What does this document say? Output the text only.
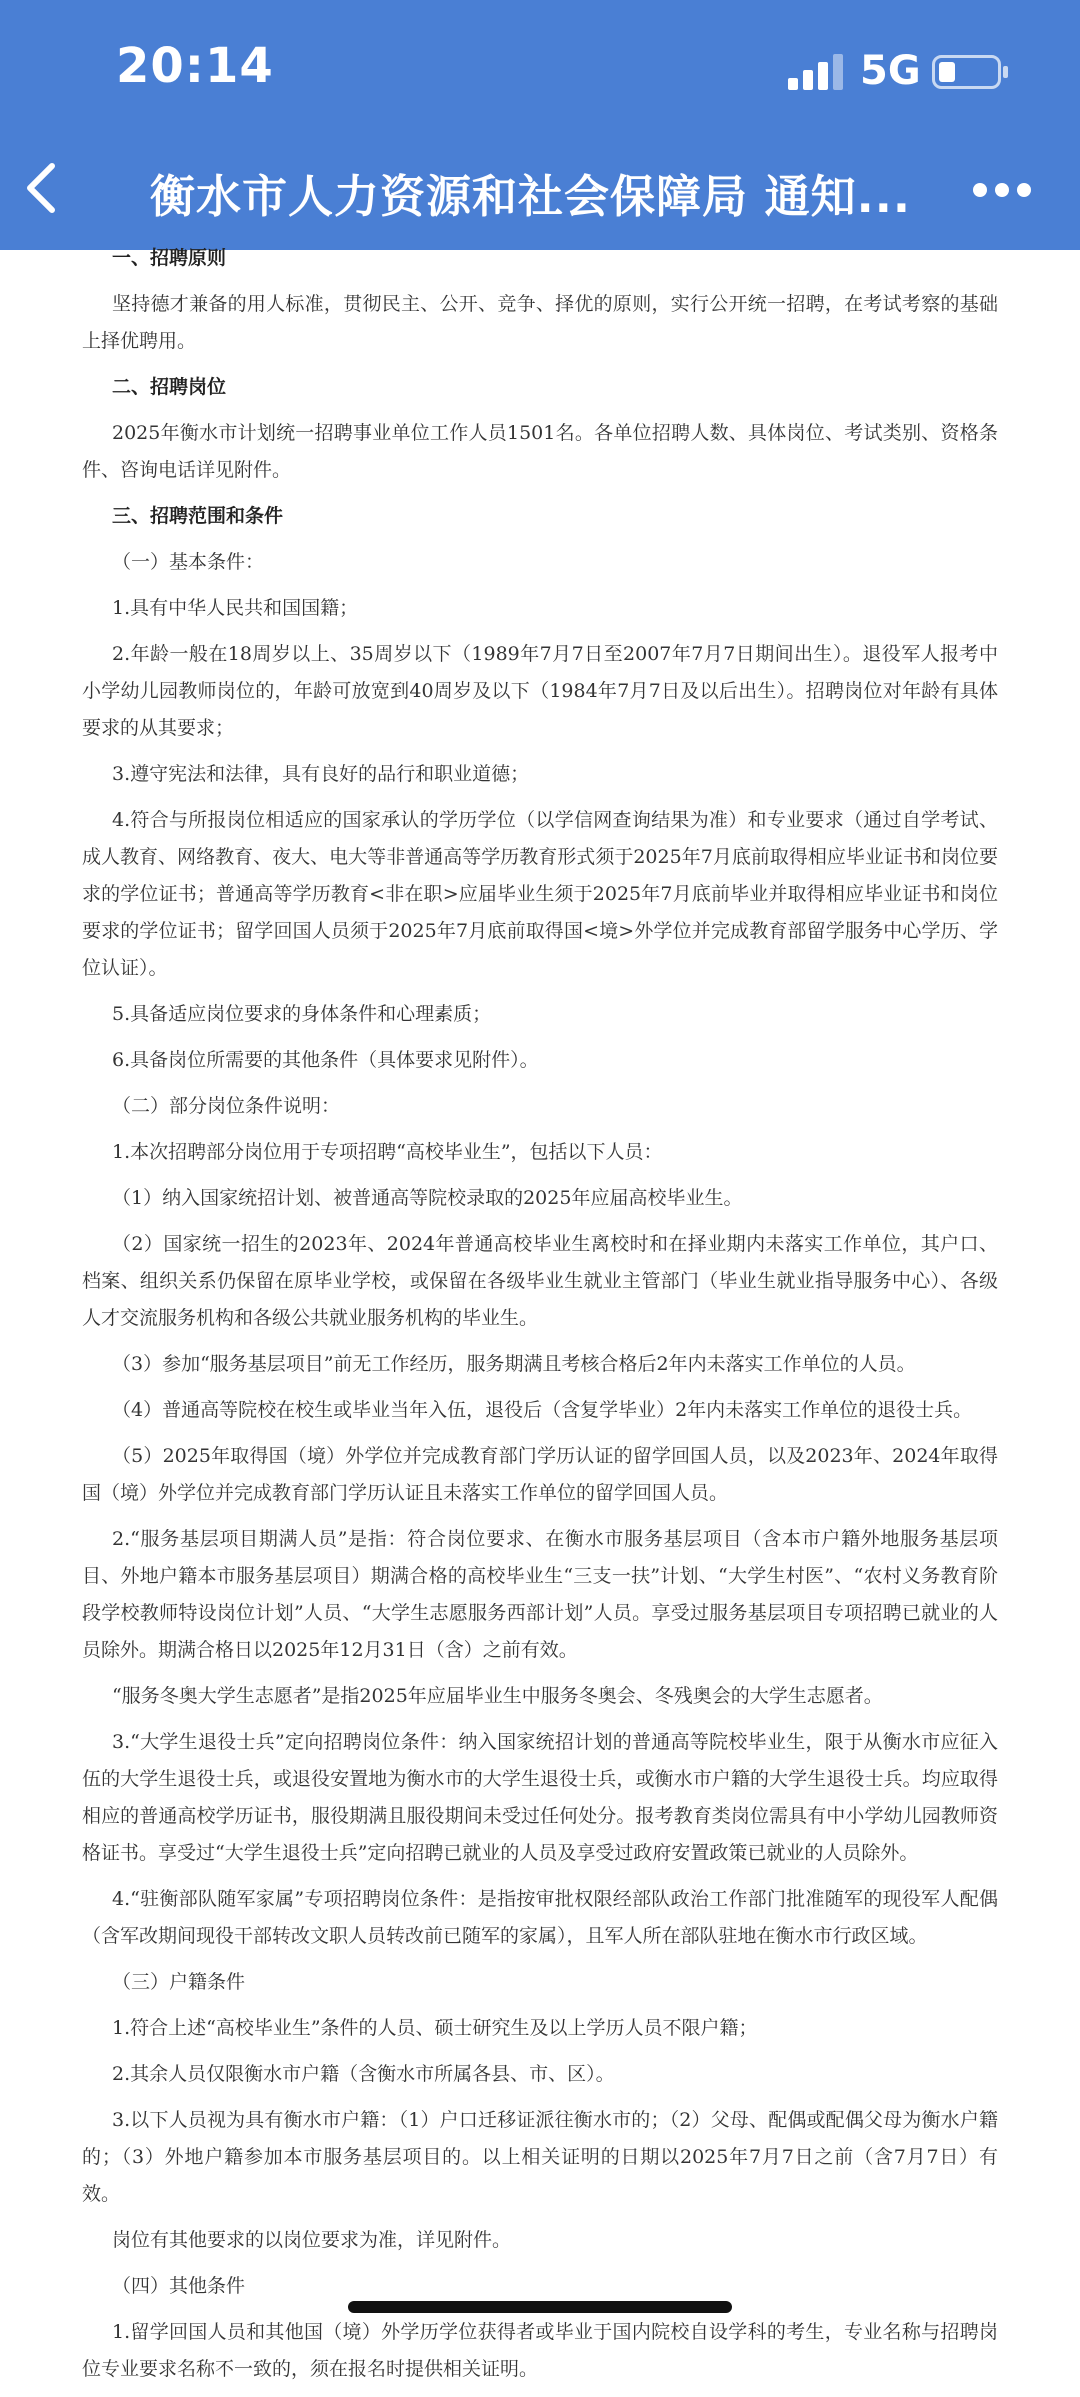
20:14	5G
衡水市人力资源和社会保障局 通知...

一、招聘原则

坚持德才兼备的用人标准，贯彻民主、公开、竞争、择优的原则，实行公开统一招聘，在考试考察的基础上择优聘用。

二、招聘岗位

2025年衡水市计划统一招聘事业单位工作人员1501名。各单位招聘人数、具体岗位、考试类别、资格条件、咨询电话详见附件。

三、招聘范围和条件

（一）基本条件：

1.具有中华人民共和国国籍；

2.年龄一般在18周岁以上、35周岁以下（1989年7月7日至2007年7月7日期间出生）。退役军人报考中小学幼儿园教师岗位的，年龄可放宽到40周岁及以下（1984年7月7日及以后出生）。招聘岗位对年龄有具体要求的从其要求；

3.遵守宪法和法律，具有良好的品行和职业道德；

4.符合与所报岗位相适应的国家承认的学历学位（以学信网查询结果为准）和专业要求（通过自学考试、成人教育、网络教育、夜大、电大等非普通高等学历教育形式须于2025年7月底前取得相应毕业证书和岗位要求的学位证书；普通高等学历教育<非在职>应届毕业生须于2025年7月底前毕业并取得相应毕业证书和岗位要求的学位证书；留学回国人员须于2025年7月底前取得国<境>外学位并完成教育部留学服务中心学历、学位认证）。

5.具备适应岗位要求的身体条件和心理素质；

6.具备岗位所需要的其他条件（具体要求见附件）。

（二）部分岗位条件说明：

1.本次招聘部分岗位用于专项招聘“高校毕业生”，包括以下人员：

（1）纳入国家统招计划、被普通高等院校录取的2025年应届高校毕业生。

（2）国家统一招生的2023年、2024年普通高校毕业生离校时和在择业期内未落实工作单位，其户口、档案、组织关系仍保留在原毕业学校，或保留在各级毕业生就业主管部门（毕业生就业指导服务中心）、各级人才交流服务机构和各级公共就业服务机构的毕业生。

（3）参加“服务基层项目”前无工作经历，服务期满且考核合格后2年内未落实工作单位的人员。

（4）普通高等院校在校生或毕业当年入伍，退役后（含复学毕业）2年内未落实工作单位的退役士兵。

（5）2025年取得国（境）外学位并完成教育部门学历认证的留学回国人员，以及2023年、2024年取得国（境）外学位并完成教育部门学历认证且未落实工作单位的留学回国人员。

2.“服务基层项目期满人员”是指：符合岗位要求、在衡水市服务基层项目（含本市户籍外地服务基层项目、外地户籍本市服务基层项目）期满合格的高校毕业生“三支一扶”计划、“大学生村医”、“农村义务教育阶段学校教师特设岗位计划”人员、“大学生志愿服务西部计划”人员。享受过服务基层项目专项招聘已就业的人员除外。期满合格日以2025年12月31日（含）之前有效。

“服务冬奥大学生志愿者”是指2025年应届毕业生中服务冬奥会、冬残奥会的大学生志愿者。

3.“大学生退役士兵”定向招聘岗位条件：纳入国家统招计划的普通高等院校毕业生，限于从衡水市应征入伍的大学生退役士兵，或退役安置地为衡水市的大学生退役士兵，或衡水市户籍的大学生退役士兵。均应取得相应的普通高校学历证书，服役期满且服役期间未受过任何处分。报考教育类岗位需具有中小学幼儿园教师资格证书。享受过“大学生退役士兵”定向招聘已就业的人员及享受过政府安置政策已就业的人员除外。

4.“驻衡部队随军家属”专项招聘岗位条件：是指按审批权限经部队政治工作部门批准随军的现役军人配偶（含军改期间现役干部转改文职人员转改前已随军的家属），且军人所在部队驻地在衡水市行政区域。

（三）户籍条件

1.符合上述“高校毕业生”条件的人员、硕士研究生及以上学历人员不限户籍；

2.其余人员仅限衡水市户籍（含衡水市所属各县、市、区）。

3.以下人员视为具有衡水市户籍：（1）户口迁移证派往衡水市的；（2）父母、配偶或配偶父母为衡水户籍的；（3）外地户籍参加本市服务基层项目的。以上相关证明的日期以2025年7月7日之前（含7月7日）有效。

岗位有其他要求的以岗位要求为准，详见附件。

（四）其他条件

1.留学回国人员和其他国（境）外学历学位获得者或毕业于国内院校自设学科的考生，专业名称与招聘岗位专业要求名称不一致的，须在报名时提供相关证明。
